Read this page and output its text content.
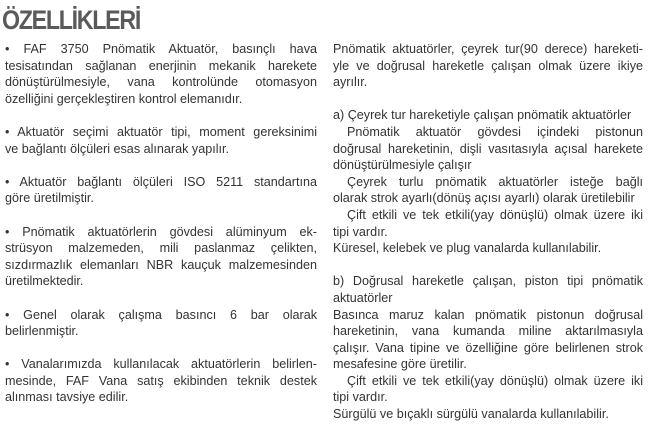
ÖZELLİKLERİ
• FAF 3750 Pnömatik Aktuatör, basınçlı hava
tesisatından sağlanan enerjinin mekanik harekete
dönüştürülmesiyle, vana kontrolünde otomasyon
özelliğini gerçekleştiren kontrol elemanıdır.
• Aktuatör seçimi aktuatör tipi, moment gereksinimi
ve bağlantı ölçüleri esas alınarak yapılır.
• Aktuatör bağlantı ölçüleri ISO 5211 standartına
göre üretilmiştir.
• Pnömatik aktuatörlerin gövdesi alüminyum ek-
strüsyon malzemeden, mili paslanmaz çelikten,
sızdırmazlık elemanları NBR kauçuk malzemesinden
üretilmektedir.
• Genel olarak çalışma basıncı 6 bar olarak
belirlenmiştir.
• Vanalarımızda kullanılacak aktuatörlerin belirlen-
mesinde, FAF Vana satış ekibinden teknik destek
alınması tavsiye edilir.
Pnömatik aktuatörler, çeyrek tur(90 derece) hareketi-
yle ve doğrusal hareketle çalışan olmak üzere ikiye
ayrılır.
a) Çeyrek tur hareketiyle çalışan pnömatik aktuatörler
Pnömatik aktuatör gövdesi içindeki pistonun
doğrusal hareketinin, dişli vasıtasıyla açısal harekete
dönüştürülmesiyle çalışır
Çeyrek turlu pnömatik aktuatörler isteğe bağlı
olarak strok ayarlı(dönüş açısı ayarlı) olarak üretilebilir
Çift etkili ve tek etkili(yay dönüşlü) olmak üzere iki
tipi vardır.
Küresel, kelebek ve plug vanalarda kullanılabilir.
b) Doğrusal hareketle çalışan, piston tipi pnömatik
aktuatörler
Basınca maruz kalan pnömatik pistonun doğrusal
hareketinin, vana kumanda miline aktarılmasıyla
çalışır. Vana tipine ve özelliğine göre belirlenen strok
mesafesine göre üretilir.
Çift etkili ve tek etkili(yay dönüşlü) olmak üzere iki
tipi vardır.
Sürgülü ve bıçaklı sürgülü vanalarda kullanılabilir.
